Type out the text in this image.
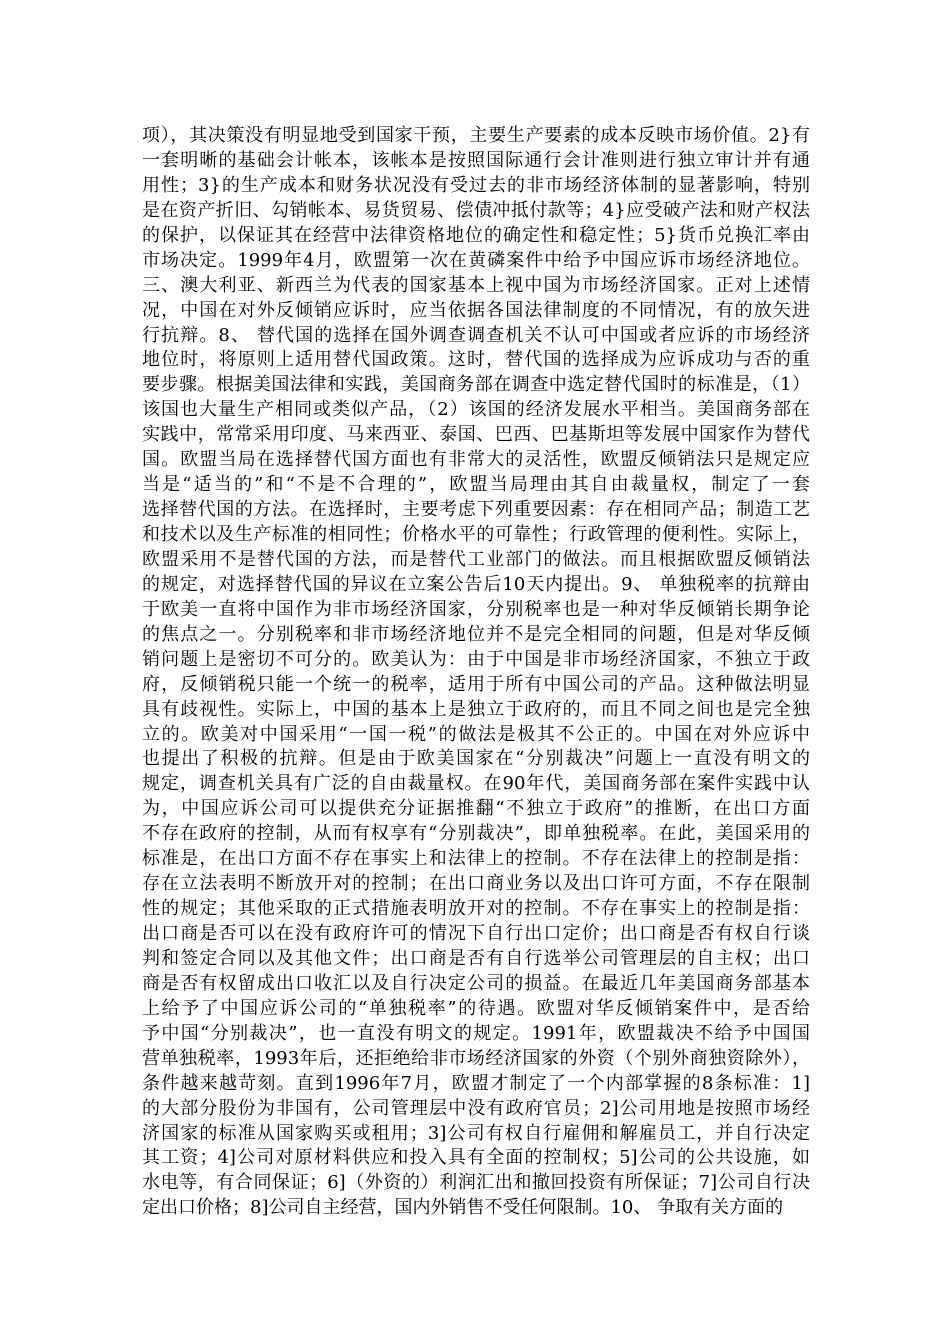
项），其决策没有明显地受到国家干预，主要生产要素的成本反映市场价值。2}有
一套明晰的基础会计帐本，该帐本是按照国际通行会计准则进行独立审计并有通
用性；3}的生产成本和财务状况没有受过去的非市场经济体制的显著影响，特别
是在资产折旧、勾销帐本、易货贸易、偿债冲抵付款等；4}应受破产法和财产权法
的保护，以保证其在经营中法律资格地位的确定性和稳定性；5}货币兑换汇率由
市场决定。1999年4月，欧盟第一次在黄磷案件中给予中国应诉市场经济地位。
三、澳大利亚、新西兰为代表的国家基本上视中国为市场经济国家。正对上述情
况，中国在对外反倾销应诉时，应当依据各国法律制度的不同情况，有的放矢进
行抗辩。8、 替代国的选择在国外调查调查机关不认可中国或者应诉的市场经济
地位时，将原则上适用替代国政策。这时，替代国的选择成为应诉成功与否的重
要步骤。根据美国法律和实践，美国商务部在调查中选定替代国时的标准是，（1）
该国也大量生产相同或类似产品，（2）该国的经济发展水平相当。美国商务部在
实践中，常常采用印度、马来西亚、泰国、巴西、巴基斯坦等发展中国家作为替代
国。欧盟当局在选择替代国方面也有非常大的灵活性，欧盟反倾销法只是规定应
当是“适当的”和“不是不合理的”，欧盟当局理由其自由裁量权，制定了一套
选择替代国的方法。在选择时，主要考虑下列重要因素：存在相同产品；制造工艺
和技术以及生产标准的相同性；价格水平的可靠性；行政管理的便利性。实际上，
欧盟采用不是替代国的方法，而是替代工业部门的做法。而且根据欧盟反倾销法
的规定，对选择替代国的异议在立案公告后10天内提出。9、 单独税率的抗辩由
于欧美一直将中国作为非市场经济国家，分别税率也是一种对华反倾销长期争论
的焦点之一。分别税率和非市场经济地位并不是完全相同的问题，但是对华反倾
销问题上是密切不可分的。欧美认为：由于中国是非市场经济国家，不独立于政
府，反倾销税只能一个统一的税率，适用于所有中国公司的产品。这种做法明显
具有歧视性。实际上，中国的基本上是独立于政府的，而且不同之间也是完全独
立的。欧美对中国采用“一国一税”的做法是极其不公正的。中国在对外应诉中
也提出了积极的抗辩。但是由于欧美国家在“分别裁决”问题上一直没有明文的
规定，调查机关具有广泛的自由裁量权。在90年代，美国商务部在案件实践中认
为，中国应诉公司可以提供充分证据推翻“不独立于政府”的推断，在出口方面
不存在政府的控制，从而有权享有“分别裁决”，即单独税率。在此，美国采用的
标准是，在出口方面不存在事实上和法律上的控制。不存在法律上的控制是指：
存在立法表明不断放开对的控制；在出口商业务以及出口许可方面，不存在限制
性的规定；其他采取的正式措施表明放开对的控制。不存在事实上的控制是指：
出口商是否可以在没有政府许可的情况下自行出口定价；出口商是否有权自行谈
判和签定合同以及其他文件；出口商是否有自行选举公司管理层的自主权；出口
商是否有权留成出口收汇以及自行决定公司的损益。在最近几年美国商务部基本
上给予了中国应诉公司的“单独税率”的待遇。欧盟对华反倾销案件中，是否给
予中国“分别裁决”，也一直没有明文的规定。1991年，欧盟裁决不给予中国国
营单独税率，1993年后，还拒绝给非市场经济国家的外资（个别外商独资除外），
条件越来越苛刻。直到1996年7月，欧盟才制定了一个内部掌握的8条标准：1]
的大部分股份为非国有，公司管理层中没有政府官员；2]公司用地是按照市场经
济国家的标准从国家购买或租用；3]公司有权自行雇佣和解雇员工，并自行决定
其工资；4]公司对原材料供应和投入具有全面的控制权；5]公司的公共设施，如
水电等，有合同保证；6]（外资的）利润汇出和撤回投资有所保证；7]公司自行决
定出口价格；8]公司自主经营，国内外销售不受任何限制。10、 争取有关方面的
